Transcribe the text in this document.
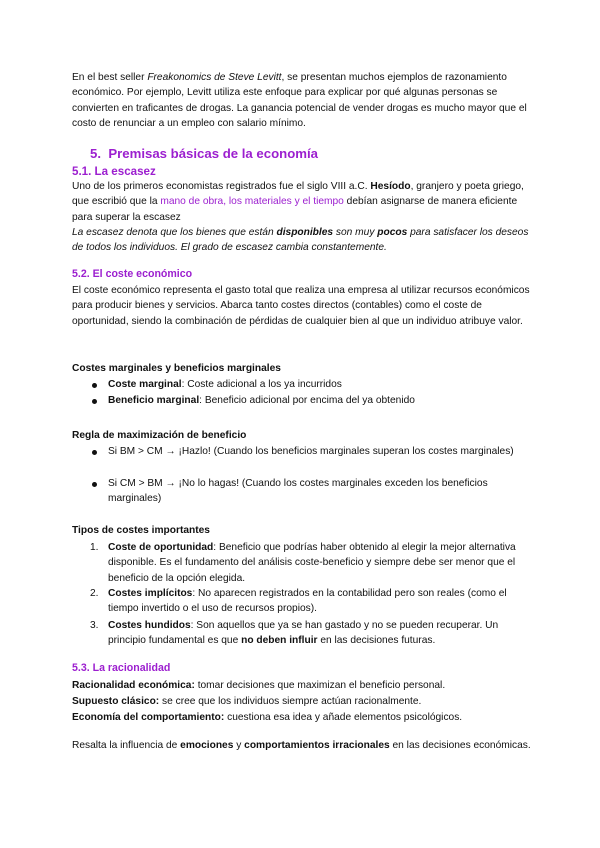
En el best seller Freakonomics de Steve Levitt, se presentan muchos ejemplos de razonamiento económico. Por ejemplo, Levitt utiliza este enfoque para explicar por qué algunas personas se convierten en traficantes de drogas. La ganancia potencial de vender drogas es mucho mayor que el costo de renunciar a un empleo con salario mínimo.

5. Premisas básicas de la economía
5.1. La escasez

Uno de los primeros economistas registrados fue el siglo VIII a.C. Hesíodo, granjero y poeta griego, que escribió que la mano de obra, los materiales y el tiempo debían asignarse de manera eficiente para superar la escasez

La escasez denota que los bienes que están disponibles son muy pocos para satisfacer los deseos de todos los individuos. El grado de escasez cambia constantemente.

5.2. El coste económico

El coste económico representa el gasto total que realiza una empresa al utilizar recursos económicos para producir bienes y servicios. Abarca tanto costes directos (contables) como el coste de oportunidad, siendo la combinación de pérdidas de cualquier bien al que un individuo atribuye valor.

Costes marginales y beneficios marginales

Coste marginal: Coste adicional a los ya incurridos

Beneficio marginal: Beneficio adicional por encima del ya obtenido

Regla de maximización de beneficio

Si BM > CM → ¡Hazlo! (Cuando los beneficios marginales superan los costes marginales)

Si CM > BM → ¡No lo hagas! (Cuando los costes marginales exceden los beneficios marginales)

Tipos de costes importantes

1. Coste de oportunidad: Beneficio que podrías haber obtenido al elegir la mejor alternativa disponible. Es el fundamento del análisis coste-beneficio y siempre debe ser menor que el beneficio de la opción elegida.

2. Costes implícitos: No aparecen registrados en la contabilidad pero son reales (como el tiempo invertido o el uso de recursos propios).

3. Costes hundidos: Son aquellos que ya se han gastado y no se pueden recuperar. Un principio fundamental es que no deben influir en las decisiones futuras.

5.3. La racionalidad

Racionalidad económica: tomar decisiones que maximizan el beneficio personal.

Supuesto clásico: se cree que los individuos siempre actúan racionalmente.

Economía del comportamiento: cuestiona esa idea y añade elementos psicológicos.

Resalta la influencia de emociones y comportamientos irracionales en las decisiones económicas.
